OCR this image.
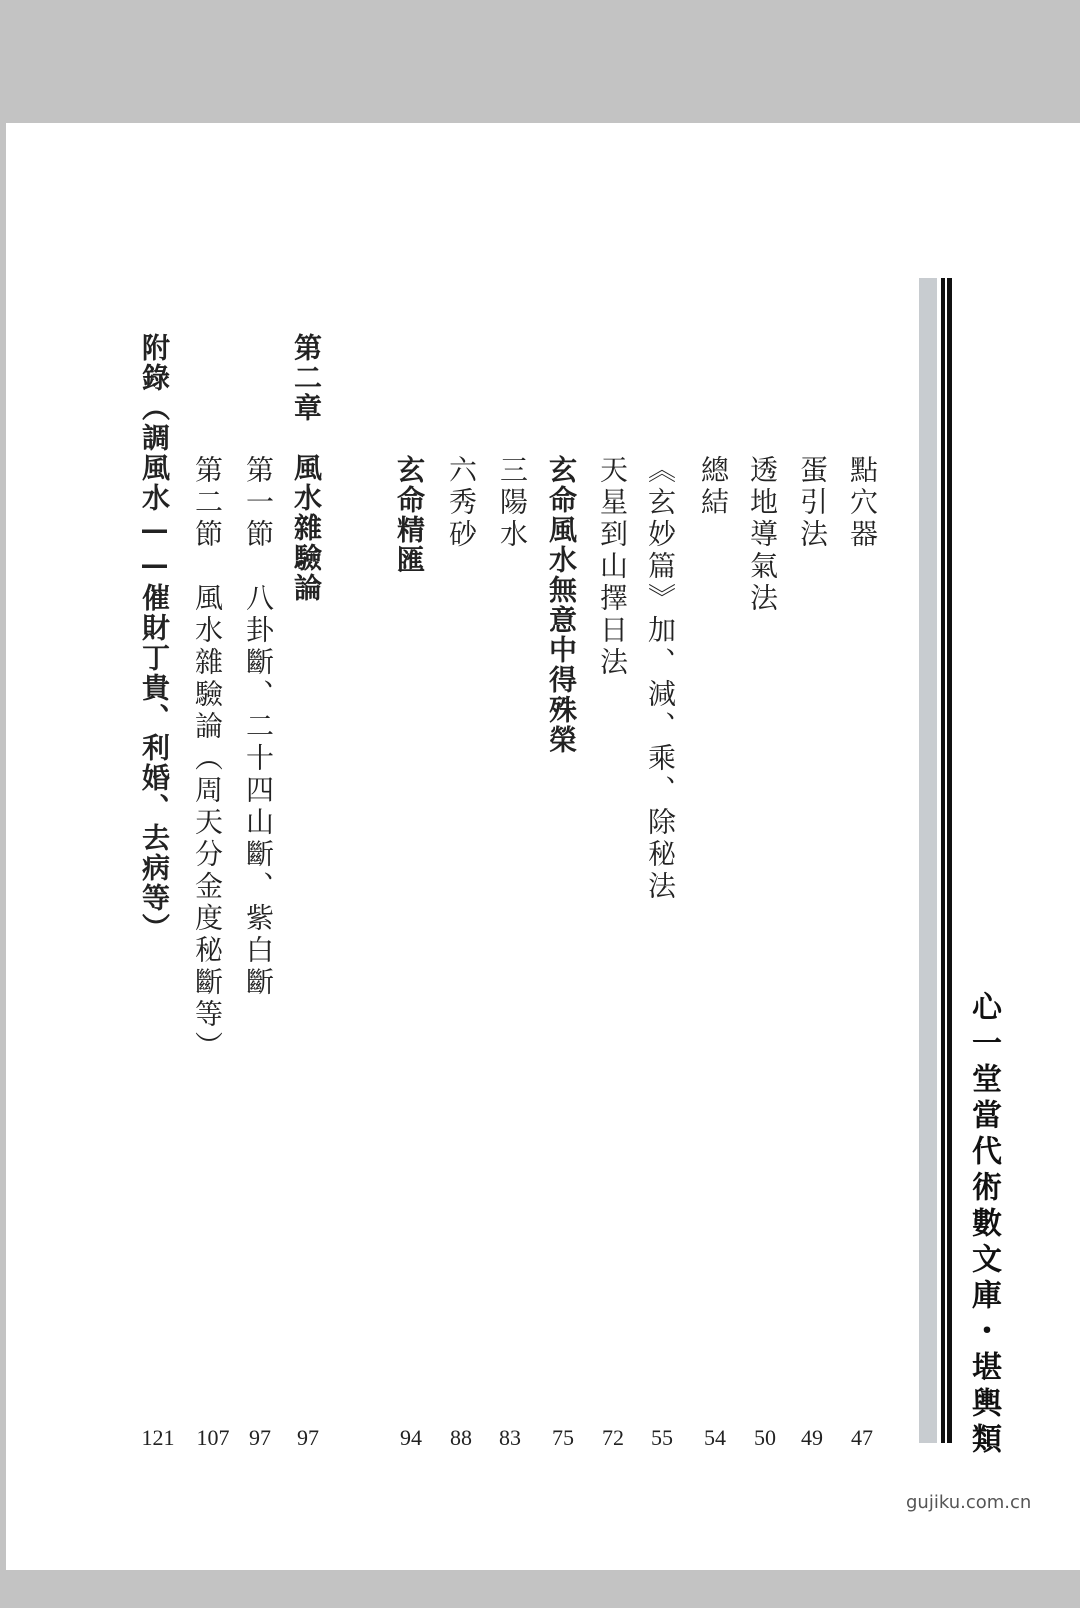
心一堂當代術數文庫・堪輿類
點穴器
47
蛋引法
49
透地導氣法
50
總結
54
《玄妙篇》加、減、乘、除秘法
55
天星到山擇日法
72
玄命風水無意中得殊榮
75
三陽水
83
六秀砂
88
玄命精匯
94
第二章　風水雜驗論
97
第一節　八卦斷、二十四山斷、紫白斷
97
第二節　風水雜驗論（周天分金度秘斷等）
107
附錄（調風水——催財丁貴、利婚、去病等）
121
gujiku.com.cn
